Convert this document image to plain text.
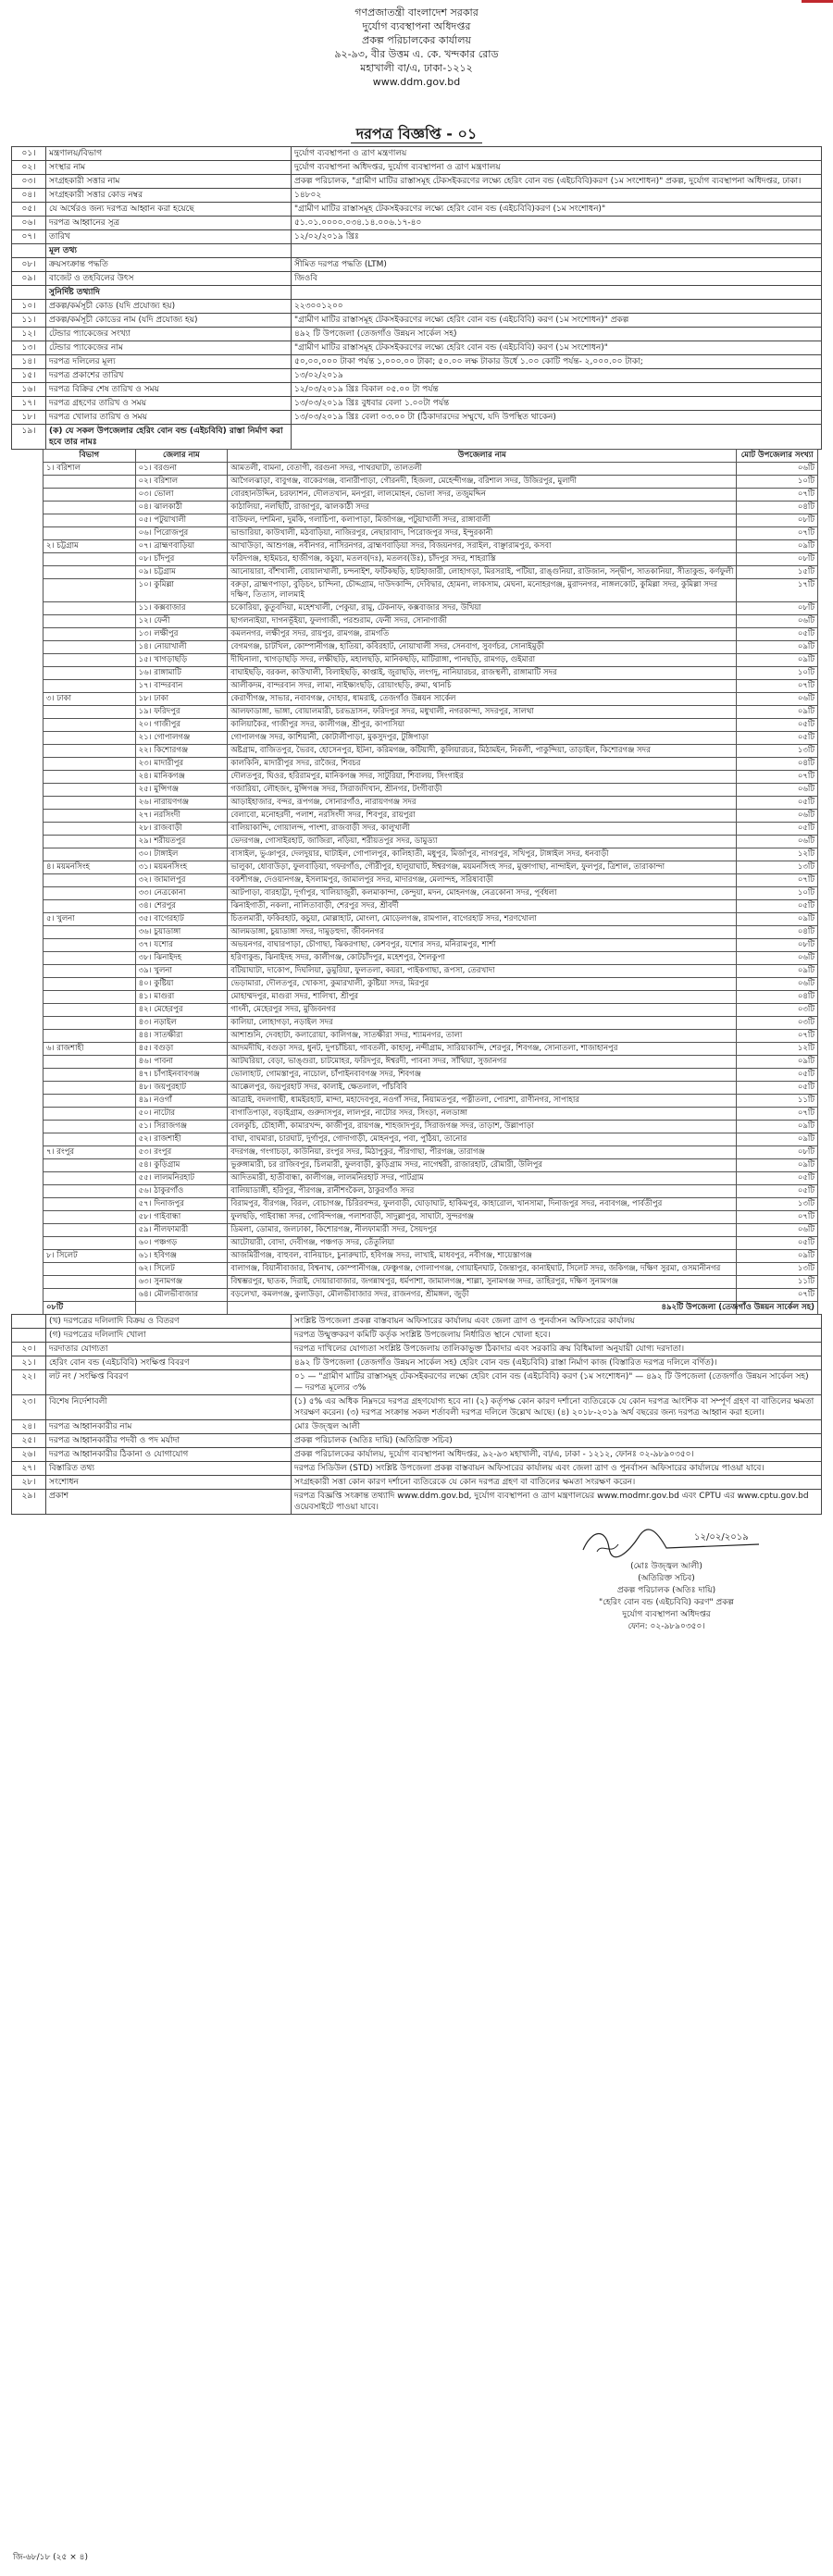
গণপ্রজাতন্ত্রী বাংলাদেশ সরকার
দুর্যোগ ব্যবস্থাপনা অধিদপ্তর
প্রকল্প পরিচালকের কার্যালয়
৯২-৯৩, বীর উত্তম এ. কে. খন্দকার রোড
মহাখালী বা/এ, ঢাকা-১২১২
www.ddm.gov.bd
দরপত্র বিজ্ঞপ্তি - ০১
০১।	মন্ত্রণালয়/বিভাগ	দুর্যোগ ব্যবস্থাপনা ও ত্রাণ মন্ত্রণালয়
০২।	সংস্থার নাম	দুর্যোগ ব্যবস্থাপনা অধিদপ্তর, দুর্যোগ ব্যবস্থাপনা ও ত্রাণ মন্ত্রণালয়
০৩।	সংগ্রহকারী সত্তার নাম	প্রকল্প পরিচালক, "গ্রামীণ মাটির রাস্তাসমূহ টেকসইকরণের লক্ষ্যে হেরিং বোন বন্ড (এইচবিবি)করণ (১ম সংশোধন)" প্রকল্প, দুর্যোগ ব্যবস্থাপনা অধিদপ্তর, ঢাকা।
০৪।	সংগ্রহকারী সত্তার কোড নম্বর	১৪৮০২
০৫।	যে অর্থেরও জন্য দরপত্র আহ্বান করা হয়েছে	"গ্রামীণ মাটির রাস্তাসমূহ টেকসইকরণের লক্ষ্যে হেরিং বোন বন্ড (এইচবিবি)করণ (১ম সংশোধন)"
০৬।	দরপত্র আহ্বানের সূত্র	৫১.০১.০০০০.০৩৪.১৪.০০৬.১৭-৪০
০৭।	তারিখ	১২/০২/২০১৯ খ্রিঃ
	মূল তথ্য	
০৮।	ক্রয়সংক্রান্ত পদ্ধতি	সীমিত দরপত্র পদ্ধতি (LTM)
০৯।	বাজেট ও তহবিলের উৎস	জিওবি
	সুনির্দিষ্ট তথ্যাদি	
১০।	প্রকল্প/কর্মসূচী কোড (যদি প্রযোজ্য হয়)	২২৩০০১২০০
১১।	প্রকল্প/কর্মসূচী কোডের নাম (যদি প্রযোজ্য হয়)	"গ্রামীণ মাটির রাস্তাসমূহ টেকসইকরণের লক্ষ্যে হেরিং বোন বন্ড (এইচবিবি) করণ (১ম সংশোধন)" প্রকল্প
১২।	টেন্ডার প্যাকেজের সংখ্যা	৪৯২ টি উপজেলা (তেজগাঁও উন্নয়ন সার্কেল সহ)
১৩।	টেন্ডার প্যাকেজের নাম	"গ্রামীণ মাটির রাস্তাসমূহ টেকসইকরণের লক্ষ্যে হেরিং বোন বন্ড (এইচবিবি) করণ (১ম সংশোধন)"
১৪।	দরপত্র দলিলের মূল্য	৫০,০০,০০০ টাকা পর্যন্ত ১,০০০.০০ টাকা; ৫০.০০ লক্ষ টাকার উর্ধে ১.০০ কোটি পর্যন্ত- ২,০০০.০০ টাকা;
১৫।	দরপত্র প্রকাশের তারিখ	১৩/০২/২০১৯
১৬।	দরপত্র বিক্রির শেষ তারিখ ও সময়	১২/০৩/২০১৯ খ্রিঃ বিকাল ০৫.০০ টা পর্যন্ত
১৭।	দরপত্র গ্রহণের তারিখ ও সময়	১৩/০৩/২০১৯ খ্রিঃ বুধবার বেলা ১.০০টা পর্যন্ত
১৮।	দরপত্র খোলার তারিখ ও সময়	১৩/০৩/২০১৯ খ্রিঃ বেলা ০৩.০০ টা (ঠিকাদারদের সম্মুখে, যদি উপস্থিত থাকেন)
১৯।	(ক) যে সকল উপজেলার হেরিং বোন বন্ড (এইচবিবি) রাস্তা নির্মাণ করা হবে তার নামঃ	
বিভাগ	জেলার নাম	উপজেলার নাম	মোট উপজেলার সংখ্যা
১। বরিশাল	০১। বরগুনা	আমতলী, বামনা, বেতাগী, বরগুনা সদর, পাথরঘাটা, তালতলী	০৬টি
	০২। বরিশাল	আগৈলঝাড়া, বাবুগঞ্জ, বাকেরগঞ্জ, বানারীপাড়া, গৌরনদী, হিজলা, মেহেন্দীগঞ্জ, বরিশাল সদর, উজিরপুর, মুলাদী	১০টি
	০৩। ভোলা	বোরহানউদ্দিন, চরফ্যাশন, দৌলতখান, মনপুরা, লালমোহন, ভোলা সদর, তজুমদ্দিন	০৭টি
	০৪। ঝালকাঠী	কাঠালিয়া, নলছিটি, রাজাপুর, ঝালকাঠী সদর	০৪টি
	০৫। পটুয়াখালী	বাউফল, দশমিনা, দুমকি, গলাচিপা, কলাপাড়া, মির্জাগঞ্জ, পটুয়াখালী সদর, রাঙ্গাবালী	০৮টি
	০৬। পিরোজপুর	ভান্ডারিয়া, কাউখালী, মঠবাড়িয়া, নাজিরপুর, নেছারাবাদ, পিরোজপুর সদর, ইন্দুরকানী	০৭টি
২। চট্টগ্রাম	০৭। ব্রাহ্মণবাড়িয়া	আখাউড়া, আশুগঞ্জ, নবীনগর, নাসিরনগর, ব্রাহ্মণবাড়িয়া সদর, বিজয়নগর, সরাইল, বাঞ্ছারামপুর, কসবা	০৯টি
	০৮। চাঁদপুর	ফরিদগঞ্জ, হাইমচর, হাজীগঞ্জ, কচুয়া, মতলব(দঃ), মতলব(উঃ), চাঁদপুর সদর, শাহরাস্তি	০৮টি
	০৯। চট্টগ্রাম	আনোয়ারা, বাঁশখালী, বোয়ালখালী, চন্দনাইশ, ফটিকছড়ি, হাটহাজারী, লোহাগড়া, মিরসরাই, পটিয়া, রাঙ্গুনিয়া, রাউজান, সন্দ্বীপ, সাতকানিয়া, সীতাকুন্ড, কর্ণফুলী	১৫টি
	১০। কুমিল্লা	বরুড়া, ব্রাহ্মণপাড়া, বুড়িচং, চান্দিনা, চৌদ্দগ্রাম, দাউদকান্দি, দেবিদ্বার, হোমনা, লাকসাম, মেঘনা, মনোহরগঞ্জ, মুরাদনগর, নাঙ্গলকোট, কুমিল্লা সদর, কুমিল্লা সদর দক্ষিণ, তিতাস, লালমাই	১৭টি
	১১। কক্সবাজার	চকোরিয়া, কুতুবদিয়া, মহেশখালী, পেকুয়া, রামু, টেকনাফ, কক্সবাজার সদর, উখিয়া	০৮টি
	১২। ফেনী	ছাগলনাইয়া, দাগনভূঁইয়া, ফুলগাজী, পরশুরাম, ফেনী সদর, সোনাগাজী	০৬টি
	১৩। লক্ষীপুর	কমলনগর, লক্ষীপুর সদর, রায়পুর, রামগঞ্জ, রামগতি	০৫টি
	১৪। নোয়াখালী	বেগমগঞ্জ, চাটখিল, কোম্পানীগঞ্জ, হাতিয়া, কবিরহাট, নোয়াখালী সদর, সেনবাগ, সুবর্ণচর, সোনাইমুড়ী	০৯টি
	১৫। খাগড়াছড়ি	দীঘিনালা, খাগড়াছড়ি সদর, লক্ষীছড়ি, মহালছড়ি, মানিকছড়ি, মাটিরাঙ্গা, পানছড়ি, রামগড়, গুইমারা	০৯টি
	১৬। রাঙ্গামাটি	বাঘাইছড়ি, বরকল, কাউখালী, বিলাইছড়ি, কাপ্তাই, জুরাছড়ি, লংগদু, নানিয়ারচর, রাজস্থলী, রাঙ্গামাটি সদর	১০টি
	১৭। বান্দরবান	আলীকদম, বান্দরবান সদর, লামা, নাইক্ষ্যংছড়ি, রোয়াংছড়ি, রুমা, থানচি	০৭টি
৩। ঢাকা	১৮। ঢাকা	কেরাণীগঞ্জ, সাভার, নবাবগঞ্জ, দোহার, ধামরাই, তেজগাঁও উন্নয়ন সার্কেল	০৬টি
	১৯। ফরিদপুর	আলফাডাঙ্গা, ভাঙ্গা, বোয়ালমারী, চরভদ্রাসন, ফরিদপুর সদর, মধুখালী, নগরকান্দা, সদরপুর, সালথা	০৯টি
	২০। গাজীপুর	কালিয়াকৈর, গাজীপুর সদর, কালীগঞ্জ, শ্রীপুর, কাপাসিয়া	০৫টি
	২১। গোপালগঞ্জ	গোপালগঞ্জ সদর, কাশিয়ানী, কোটালীপাড়া, মুকসুদপুর, টুঙ্গিপাড়া	০৫টি
	২২। কিশোরগঞ্জ	অষ্টগ্রাম, বাজিতপুর, ভৈরব, হোসেনপুর, ইটনা, করিমগঞ্জ, কটিয়াদী, কুলিয়ারচর, মিঠামইন, নিকলী, পাকুন্দিয়া, তাড়াইল, কিশোরগঞ্জ সদর	১৩টি
	২৩। মাদারীপুর	কালকিনি, মাদারীপুর সদর, রাজৈর, শিবচর	০৪টি
	২৪। মানিকগঞ্জ	দৌলতপুর, ঘিওর, হরিরামপুর, মানিকগঞ্জ সদর, সাটুরিয়া, শিবালয়, সিংগাইর	০৭টি
	২৫। মুন্সিগঞ্জ	গজারিয়া, লৌহজং, মুন্সিগঞ্জ সদর, সিরাজদিখান, শ্রীনগর, টংগীবাড়ী	০৬টি
	২৬। নারায়ণগঞ্জ	আড়াইহাজার, বন্দর, রূপগঞ্জ, সোনারগাঁও, নারায়ণগঞ্জ সদর	০৫টি
	২৭। নরসিংদী	বেলাবো, মনোহরদী, পলাশ, নরসিংদী সদর, শিবপুর, রায়পুরা	০৬টি
	২৮। রাজবাড়ী	বালিয়াকান্দি, গোয়ালন্দ, পাংশা, রাজবাড়ী সদর, কালুখালী	০৫টি
	২৯। শরীয়তপুর	ভেদরগঞ্জ, গোসাইরহাট, জাজিরা, নড়িয়া, শরীয়তপুর সদর, ডামুড্যা	০৬টি
	৩০। টাঙ্গাইল	বাসাইল, ভুঞাপুর, দেলদুয়ার, ঘাটাইল, গোপালপুর, কালিহাতী, মধুপুর, মির্জাপুর, নাগরপুর, সখিপুর, টাঙ্গাইল সদর, ধনবাড়ী	১২টি
৪। ময়মনসিংহ	৩১। ময়মনসিংহ	ভালুকা, ধোবাউড়া, ফুলবাড়িয়া, গফরগাঁও, গৌরীপুর, হালুয়াঘাট, ঈশ্বরগঞ্জ, ময়মনসিংহ সদর, মুক্তাগাছা, নান্দাইল, ফুলপুর, ত্রিশাল, তারাকান্দা	১৩টি
	৩২। জামালপুর	বকশীগঞ্জ, দেওয়ানগঞ্জ, ইসলামপুর, জামালপুর সদর, মাদারগঞ্জ, মেলান্দহ, সরিষাবাড়ী	০৭টি
	৩৩। নেত্রকোনা	আটপাড়া, বারহাট্টা, দূর্গাপুর, খালিয়াজুরী, কলমাকান্দা, কেন্দুয়া, মদন, মোহনগঞ্জ, নেত্রকোনা সদর, পূর্বধলা	১০টি
	৩৪। শেরপুর	ঝিনাইগাতী, নকলা, নালিতাবাড়ী, শেরপুর সদর, শ্রীবর্দী	০৫টি
৫। খুলনা	৩৫। বাগেরহাট	চিতলমারী, ফকিরহাট, কচুয়া, মোল্লাহাট, মোংলা, মোড়েলগঞ্জ, রামপাল, বাগেরহাট সদর, শরণখোলা	০৯টি
	৩৬। চুয়াডাঙ্গা	আলমডাঙ্গা, চুয়াডাঙ্গা সদর, দামুড়হুদা, জীবননগর	০৪টি
	৩৭। যশোর	অভয়নগর, বাঘারপাড়া, চৌগাছা, ঝিকরগাছা, কেশবপুর, যশোর সদর, মনিরামপুর, শার্শা	০৮টি
	৩৮। ঝিনাইদহ	হরিণাকুন্ড, ঝিনাইদহ সদর, কালীগঞ্জ, কোটচাঁদপুর, মহেশপুর, শৈলকুপা	০৬টি
	৩৯। খুলনা	বটিয়াঘাটা, দাকোপ, দিঘলিয়া, ডুমুরিয়া, ফুলতলা, কয়রা, পাইকগাছা, রূপসা, তেরখাদা	০৯টি
	৪০। কুষ্টিয়া	ভেড়ামারা, দৌলতপুর, খোকসা, কুমারখালী, কুষ্টিয়া সদর, মিরপুর	০৬টি
	৪১। মাগুরা	মোহাম্মদপুর, মাগুরা সদর, শালিখা, শ্রীপুর	০৪টি
	৪২। মেহেরপুর	গাংনী, মেহেরপুর সদর, মুজিবনগর	০৩টি
	৪৩। নড়াইল	কালিয়া, লোহাগড়া, নড়াইল সদর	০৩টি
	৪৪। সাতক্ষীরা	আশাশুনি, দেবহাটা, কলারোয়া, কালিগঞ্জ, সাতক্ষীরা সদর, শ্যামনগর, তালা	০৭টি
৬। রাজশাহী	৪৫। বগুড়া	আদমদীঘি, বগুড়া সদর, ধুনট, দুপচাঁচিয়া, গাবতলী, কাহালু, নন্দীগ্রাম, সারিয়াকান্দি, শেরপুর, শিবগঞ্জ, সোনাতলা, শাজাহানপুর	১২টি
	৪৬। পাবনা	আটঘরিয়া, বেড়া, ভাঙ্গুরা, চাটমোহর, ফরিদপুর, ঈশ্বরদী, পাবনা সদর, সাঁথিয়া, সুজানগর	০৯টি
	৪৭। চাঁপাইনবাবগঞ্জ	ভোলাহাট, গোমস্তাপুর, নাচোল, চাঁপাইনবাবগঞ্জ সদর, শিবগঞ্জ	০৫টি
	৪৮। জয়পুরহাট	আক্কেলপুর, জয়পুরহাট সদর, কালাই, ক্ষেতলাল, পাঁচবিবি	০৫টি
	৪৯। নওগাঁ	আত্রাই, বদলগাছী, ধামইরহাট, মান্দা, মহাদেবপুর, নওগাঁ সদর, নিয়ামতপুর, পত্নীতলা, পোরশা, রাণীনগর, সাপাহার	১১টি
	৫০। নাটোর	বাগাতিপাড়া, বড়াইগ্রাম, গুরুদাসপুর, লালপুর, নাটোর সদর, সিংড়া, নলডাঙ্গা	০৭টি
	৫১। সিরাজগঞ্জ	বেলকুচি, চৌহালী, কামারখন্দ, কাজীপুর, রায়গঞ্জ, শাহজাদপুর, সিরাজগঞ্জ সদর, তাড়াশ, উল্লাপাড়া	০৯টি
	৫২। রাজশাহী	বাঘা, বাঘমারা, চারঘাট, দুর্গাপুর, গোদাগাড়ী, মোহনপুর, পবা, পুঠিয়া, তানোর	০৯টি
৭। রংপুর	৫৩। রংপুর	বদরগঞ্জ, গংগাচড়া, কাউনিয়া, রংপুর সদর, মিঠাপুকুর, পীরগাছা, পীরগঞ্জ, তারাগঞ্জ	০৮টি
	৫৪। কুড়িগ্রাম	ভুরুঙ্গামারী, চর রাজিবপুর, চিলমারী, ফুলবাড়ী, কুড়িগ্রাম সদর, নাগেশ্বরী, রাজারহাট, রৌমারী, উলিপুর	০৯টি
	৫৫। লালমনিরহাট	আদিতমারী, হাতীবান্ধা, কালীগঞ্জ, লালমনিরহাট সদর, পাটগ্রাম	০৫টি
	৫৬। ঠাকুরগাঁও	বালিয়াডাঙ্গী, হরিপুর, পীরগঞ্জ, রানীশংকৈল, ঠাকুরগাঁও সদর	০৫টি
	৫৭। দিনাজপুর	বিরামপুর, বীরগঞ্জ, বিরল, বোচাগঞ্জ, চিরিরবন্দর, ফুলবাড়ী, ঘোড়াঘাট, হাকিমপুর, কাহারোল, খানসামা, দিনাজপুর সদর, নবাবগঞ্জ, পার্বতীপুর	১৩টি
	৫৮। গাইবান্ধা	ফুলছড়ি, গাইবান্ধা সদর, গোবিন্দগঞ্জ, পলাশবাড়ী, সাদুল্লাপুর, সাঘাটা, সুন্দরগঞ্জ	০৭টি
	৫৯। নীলফামারী	ডিমলা, ডোমার, জলঢাকা, কিশোরগঞ্জ, নীলফামারী সদর, সৈয়দপুর	০৬টি
	৬০। পঞ্চগড়	আটোয়ারী, বোদা, দেবীগঞ্জ, পঞ্চগড় সদর, তেঁতুলিয়া	০৫টি
৮। সিলেট	৬১। হবিগঞ্জ	আজমিরীগঞ্জ, বাহুবল, বানিয়াচং, চুনারুঘাট, হবিগঞ্জ সদর, লাখাই, মাধবপুর, নবীগঞ্জ, শায়েস্তাগঞ্জ	০৯টি
	৬২। সিলেট	বালাগঞ্জ, বিয়ানীবাজার, বিশ্বনাথ, কোম্পানীগঞ্জ, ফেঞ্চুগঞ্জ, গোলাপগঞ্জ, গোয়াইনঘাট, জৈন্তাপুর, কানাইঘাট, সিলেট সদর, জকিগঞ্জ, দক্ষিণ সুরমা, ওসমানীনগর	১৩টি
	৬৩। সুনামগঞ্জ	বিশ্বম্ভরপুর, ছাতক, দিরাই, দোয়ারাবাজার, জগন্নাথপুর, ধর্মপাশা, জামালগঞ্জ, শাল্লা, সুনামগঞ্জ সদর, তাহিরপুর, দক্ষিণ সুনামগঞ্জ	১১টি
	৬৪। মৌলভীবাজার	বড়লেখা, কমলগঞ্জ, কুলাউড়া, মৌলভীবাজার সদর, রাজনগর, শ্রীমঙ্গল, জুড়ী	০৭টি
০৮টি			৪৯২টি উপজেলা (তেজগাঁও উন্নয়ন সার্কেল সহ)
	(খ) দরপত্রের দলিলাদি বিক্রয় ও বিতরণ	সংশ্লিষ্ট উপজেলা প্রকল্প বাস্তবায়ন অফিসারের কার্যালয় এবং জেলা ত্রাণ ও পুনর্বাসন অফিসারের কার্যালয়
	(গ) দরপত্রের দলিলাদি খোলা	দরপত্র উন্মুক্তকরণ কমিটি কর্তৃক সংশ্লিষ্ট উপজেলায় নির্ধারিত স্থানে খোলা হবে।
২০।	দরদাতার যোগ্যতা	দরপত্র দাখিলের যোগ্যতা সংশ্লিষ্ট উপজেলায় তালিকাভুক্ত ঠিকাদার এবং সরকারি ক্রয় বিধিমালা অনুযায়ী যোগ্য দরদাতা।
২১।	হেরিং বোন বন্ড (এইচবিবি) সংক্ষিপ্ত বিবরণ	৪৯২ টি উপজেলা (তেজগাঁও উন্নয়ন সার্কেল সহ) হেরিং বোন বন্ড (এইচবিবি) রাস্তা নির্মাণ কাজ (বিস্তারিত দরপত্র দলিলে বর্ণিত)।
২২।	লট নং / সংক্ষিপ্ত বিবরণ	০১ — "গ্রামীণ মাটির রাস্তাসমূহ টেকসইকরণের লক্ষ্যে হেরিং বোন বন্ড (এইচবিবি) করণ (১ম সংশোধন)" — ৪৯২ টি উপজেলা (তেজগাঁও উন্নয়ন সার্কেল সহ) — দরপত্র মূল্যের ৩%
২৩।	বিশেষ নির্দেশাবলী	(১) ৫% এর অধিক নিম্নদরে দরপত্র গ্রহণযোগ্য হবে না। (২) কর্তৃপক্ষ কোন কারণ দর্শানো ব্যতিরেকে যে কোন দরপত্র আংশিক বা সম্পূর্ণ গ্রহণ বা বাতিলের ক্ষমতা সংরক্ষণ করেন। (৩) দরপত্র সংক্রান্ত সকল শর্তাবলী দরপত্র দলিলে উল্লেখ আছে। (৪) ২০১৮-২০১৯ অর্থ বছরের জন্য দরপত্র আহ্বান করা হলো।
২৪।	দরপত্র আহ্বানকারীর নাম	মোঃ উজ্জ্বল আলী
২৫।	দরপত্র আহ্বানকারীর পদবী ও পদ মর্যাদা	প্রকল্প পরিচালক (অতিঃ দায়ি) (অতিরিক্ত সচিব)
২৬।	দরপত্র আহ্বানকারীর ঠিকানা ও যোগাযোগ	প্রকল্প পরিচালকের কার্যালয়, দুর্যোগ ব্যবস্থাপনা অধিদপ্তর, ৯২-৯৩ মহাখালী, বা/এ, ঢাকা - ১২১২, ফোনঃ ০২-৯৮৯০৩৫০।
২৭।	বিস্তারিত তথ্য	দরপত্র সিডিউল (STD) সংশ্লিষ্ট উপজেলা প্রকল্প বাস্তবায়ন অফিসারের কার্যালয় এবং জেলা ত্রাণ ও পুনর্বাসন অফিসারের কার্যালয়ে পাওয়া যাবে।
২৮।	সংশোধন	সংগ্রহকারী সত্তা কোন কারণ দর্শানো ব্যতিরেকে যে কোন দরপত্র গ্রহণ বা বাতিলের ক্ষমতা সংরক্ষণ করেন।
২৯।	প্রকাশ	দরপত্র বিজ্ঞপ্তি সংক্রান্ত তথ্যাদি www.ddm.gov.bd, দুর্যোগ ব্যবস্থাপনা ও ত্রাণ মন্ত্রণালয়ের www.modmr.gov.bd এবং CPTU এর www.cptu.gov.bd ওয়েবসাইটে পাওয়া যাবে।
১২/০২/২০১৯
(মোঃ উজ্জ্বল আলী)
(অতিরিক্ত সচিব)
প্রকল্প পরিচালক (অতিঃ দায়ি)
"হেরিং বোন বন্ড (এইচবিবি) করণ" প্রকল্প
দুর্যোগ ব্যবস্থাপনা অধিদপ্তর
ফোন: ০২-৯৮৯০৩৫০।
জি-৬৮/১৮ (২৫ × ৪)
